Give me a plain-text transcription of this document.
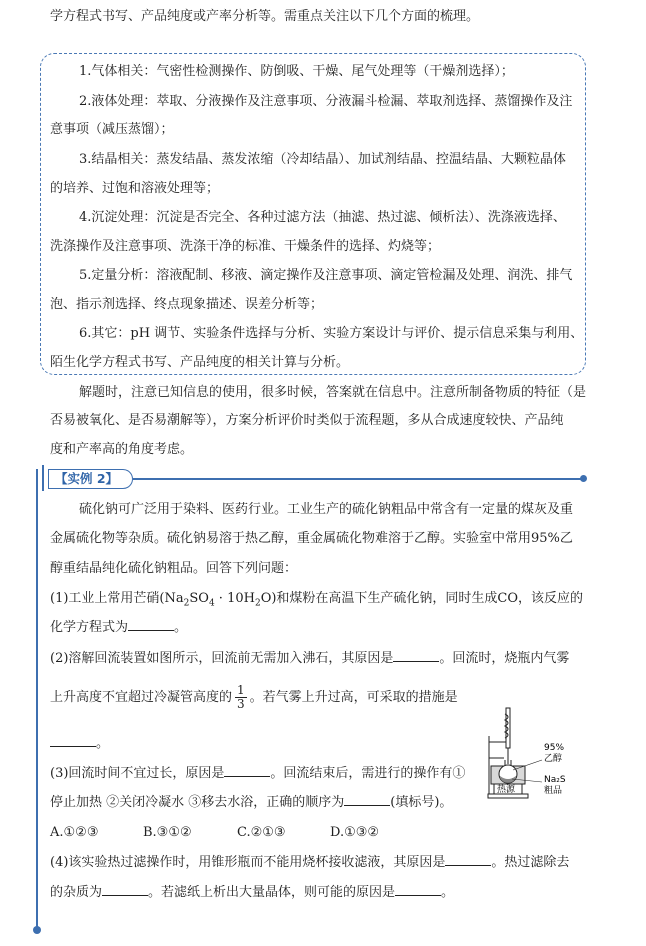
学方程式书写、产品纯度或产率分析等。需重点关注以下几个方面的梳理。
1.气体相关：气密性检测操作、防倒吸、干燥、尾气处理等（干燥剂选择）；
2.液体处理：萃取、分液操作及注意事项、分液漏斗检漏、萃取剂选择、蒸馏操作及注
意事项（减压蒸馏）；
3.结晶相关：蒸发结晶、蒸发浓缩（冷却结晶）、加试剂结晶、控温结晶、大颗粒晶体
的培养、过饱和溶液处理等；
4.沉淀处理：沉淀是否完全、各种过滤方法（抽滤、热过滤、倾析法）、洗涤液选择、
洗涤操作及注意事项、洗涤干净的标准、干燥条件的选择、灼烧等；
5.定量分析：溶液配制、移液、滴定操作及注意事项、滴定管检漏及处理、润洗、排气
泡、指示剂选择、终点现象描述、误差分析等；
6.其它：pH 调节、实验条件选择与分析、实验方案设计与评价、提示信息采集与利用、
陌生化学方程式书写、产品纯度的相关计算与分析。
解题时，注意已知信息的使用，很多时候，答案就在信息中。注意所制备物质的特征（是
否易被氧化、是否易潮解等），方案分析评价时类似于流程题，多从合成速度较快、产品纯
度和产率高的角度考虑。
【实例 2】
硫化钠可广泛用于染料、医药行业。工业生产的硫化钠粗品中常含有一定量的煤灰及重
金属硫化物等杂质。硫化钠易溶于热乙醇，重金属硫化物难溶于乙醇。实验室中常用95%乙
醇重结晶纯化硫化钠粗品。回答下列问题：
(1)工业上常用芒硝$(Na_2SO_4 \cdot 10H_2O)$和煤粉在高温下生产硫化钠，同时生成CO，该反应的
化学方程式为	。
(2)溶解回流装置如图所示，回流前无需加入沸石，其原因是	。回流时，烧瓶内气雾
上升高度不宜超过冷凝管高度的 $\frac{1}{3}$ 。若气雾上升过高，可采取的措施是
。
(3)回流时间不宜过长，原因是	。回流结束后，需进行的操作有①
停止加热 ②关闭冷凝水 ③移去水浴，正确的顺序为	(填标号)。
A.①②③	B.③①②	C.②①③	D.①③②
(4)该实验热过滤操作时，用锥形瓶而不能用烧杯接收滤液，其原因是	。热过滤除去
的杂质为	。若滤纸上析出大量晶体，则可能的原因是	。
热源
95%
乙醇
Na₂S
粗品
